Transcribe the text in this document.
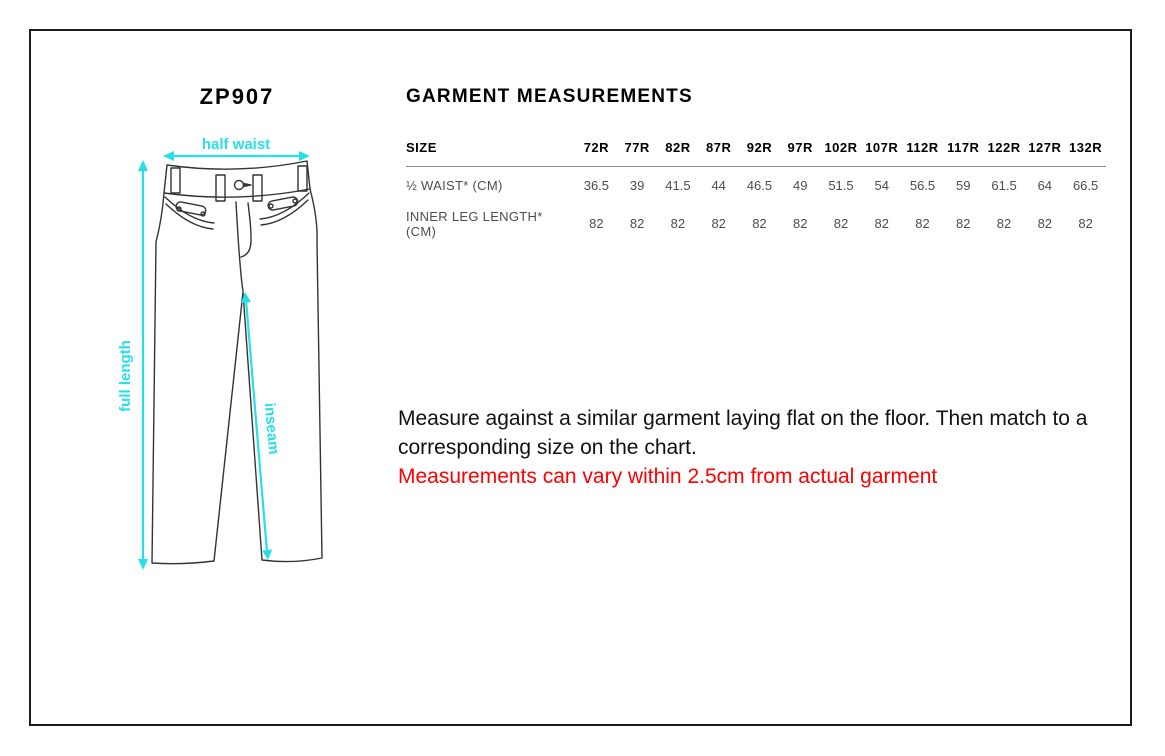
ZP907
half waist
full length
inseam
GARMENT MEASUREMENTS
SIZE	72R	77R	82R	87R	92R	97R	102R	107R	112R	117R	122R	127R	132R
½ WAIST* (CM)	36.5	39	41.5	44	46.5	49	51.5	54	56.5	59	61.5	64	66.5
INNER LEG LENGTH* (CM)	82	82	82	82	82	82	82	82	82	82	82	82	82

Measure against a similar garment laying flat on the floor. Then match to a corresponding size on the chart.

Measurements can vary within 2.5cm from actual garment
